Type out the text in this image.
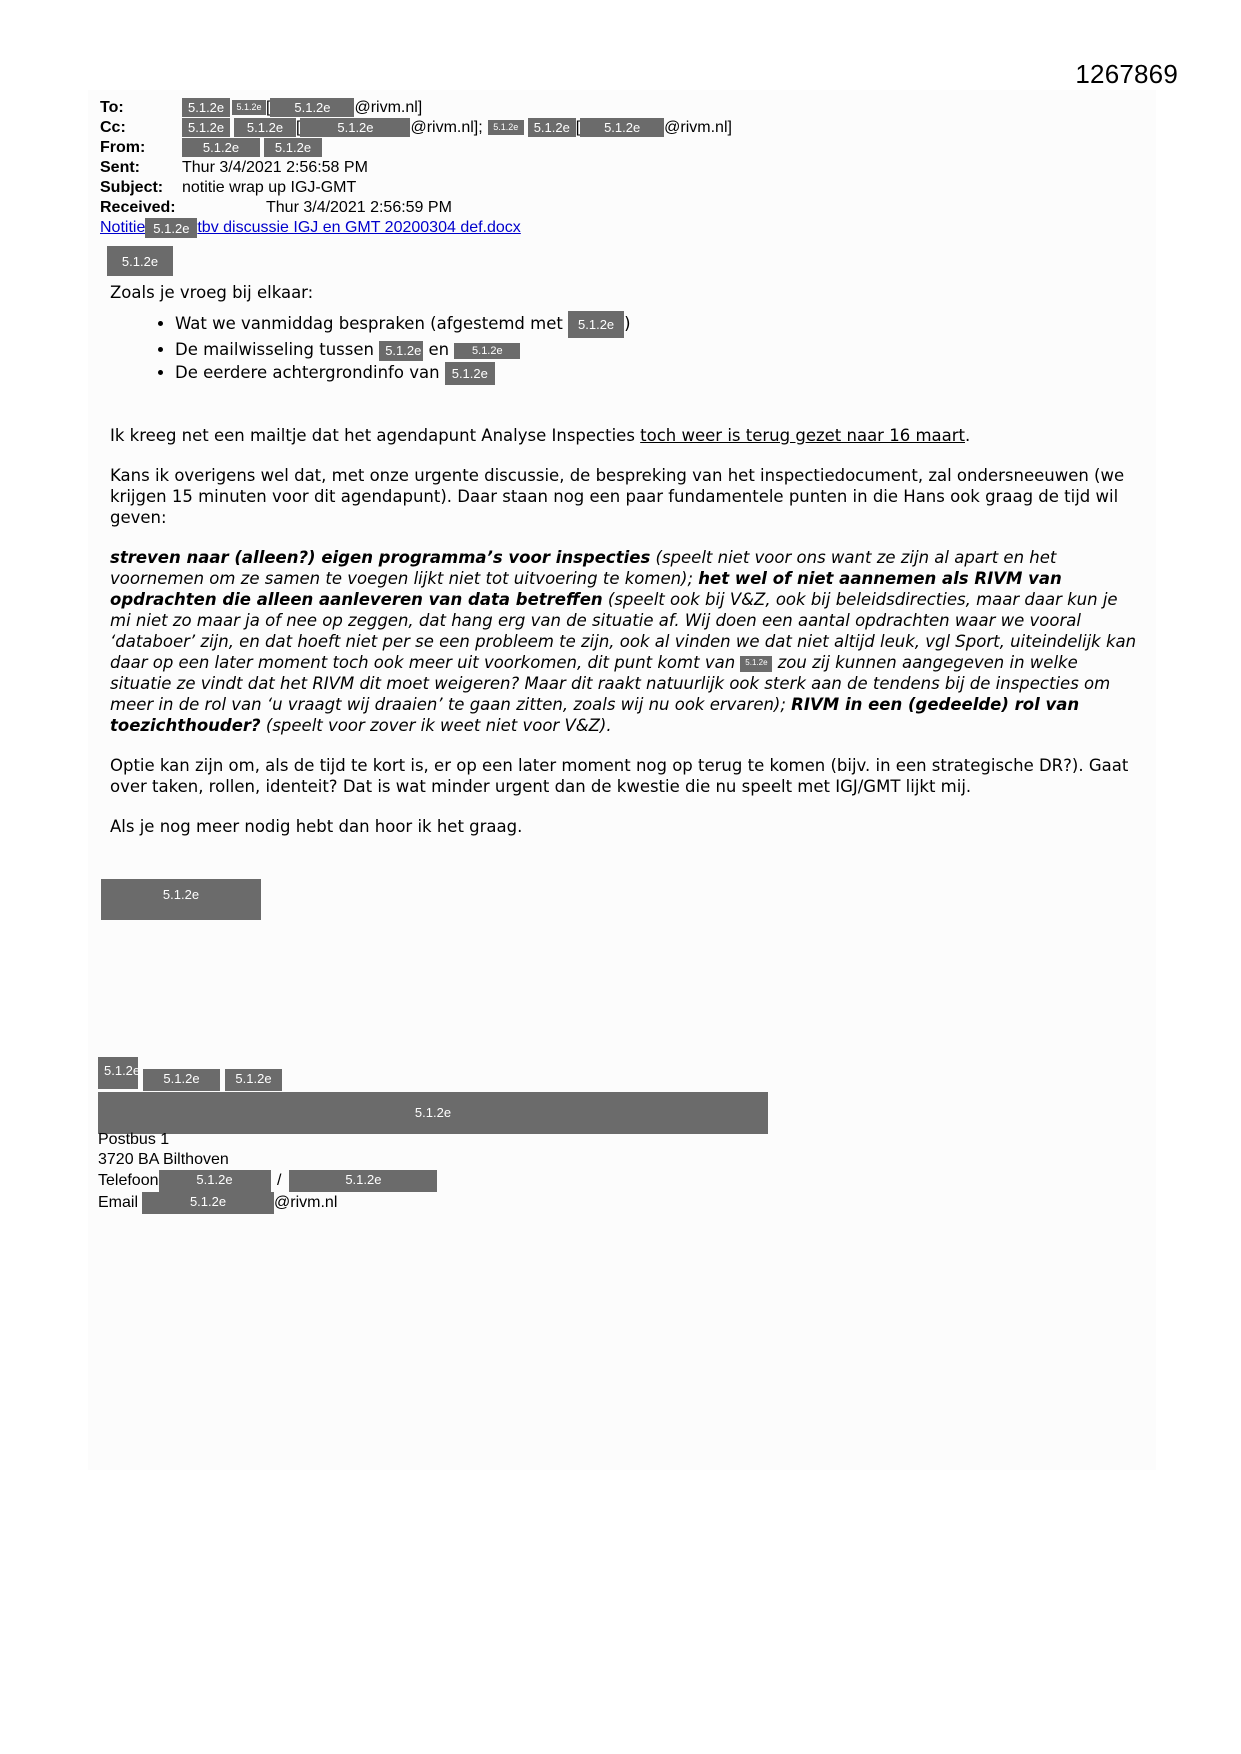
1267869
To:	5.1.2e 5.1.2e [ 5.1.2e @rivm.nl]
Cc:	5.1.2e 5.1.2e [	5.1.2e @rivm.nl]; 5.1.2e 5.1.2e [ 5.1.2e @rivm.nl]
From:	5.1.2e	5.1.2e
Sent:	Thur 3/4/2021 2:56:58 PM
Subject: notitie wrap up IGJ-GMT
Received:	Thur 3/4/2021 2:56:59 PM
Notitie 5.1.2e tbv discussie IGJ en GMT 20200304 def.docx
5.1.2e

Zoals je vroeg bij elkaar:

• Wat we vanmiddag bespraken (afgestemd met 5.1.2e )
• De mailwisseling tussen 5.1.2e en 5.1.2e
• De eerdere achtergrondinfo van 5.1.2e

Ik kreeg net een mailtje dat het agendapunt Analyse Inspecties toch weer is terug gezet naar 16 maart.

Kans ik overigens wel dat, met onze urgente discussie, de bespreking van het inspectiedocument, zal ondersneeuwen (we krijgen 15 minuten voor dit agendapunt). Daar staan nog een paar fundamentele punten in die Hans ook graag de tijd wil geven:

streven naar (alleen?) eigen programma’s voor inspecties (speelt niet voor ons want ze zijn al apart en het voornemen om ze samen te voegen lijkt niet tot uitvoering te komen); het wel of niet aannemen als RIVM van opdrachten die alleen aanleveren van data betreffen (speelt ook bij V&Z, ook bij beleidsdirecties, maar daar kun je mi niet zo maar ja of nee op zeggen, dat hang erg van de situatie af. Wij doen een aantal opdrachten waar we vooral ‘databoer’ zijn, en dat hoeft niet per se een probleem te zijn, ook al vinden we dat niet altijd leuk, vgl Sport, uiteindelijk kan daar op een later moment toch ook meer uit voorkomen, dit punt komt van 5.1.2e zou zij kunnen aangegeven in welke situatie ze vindt dat het RIVM dit moet weigeren? Maar dit raakt natuurlijk ook sterk aan de tendens bij de inspecties om meer in de rol van ‘u vraagt wij draaien’ te gaan zitten, zoals wij nu ook ervaren); RIVM in een (gedeelde) rol van toezichthouder? (speelt voor zover ik weet niet voor V&Z).

Optie kan zijn om, als de tijd te kort is, er op een later moment nog op terug te komen (bijv. in een strategische DR?). Gaat over taken, rollen, identeit? Dat is wat minder urgent dan de kwestie die nu speelt met IGJ/GMT lijkt mij.

Als je nog meer nodig hebt dan hoor ik het graag.

5.1.2e
5.1.2e
5.1.2e	5.1.2e
5.1.2e
Postbus 1
3720 BA Bilthoven
Telefoon	5.1.2e	/	5.1.2e
Email	5.1.2e	@rivm.nl
